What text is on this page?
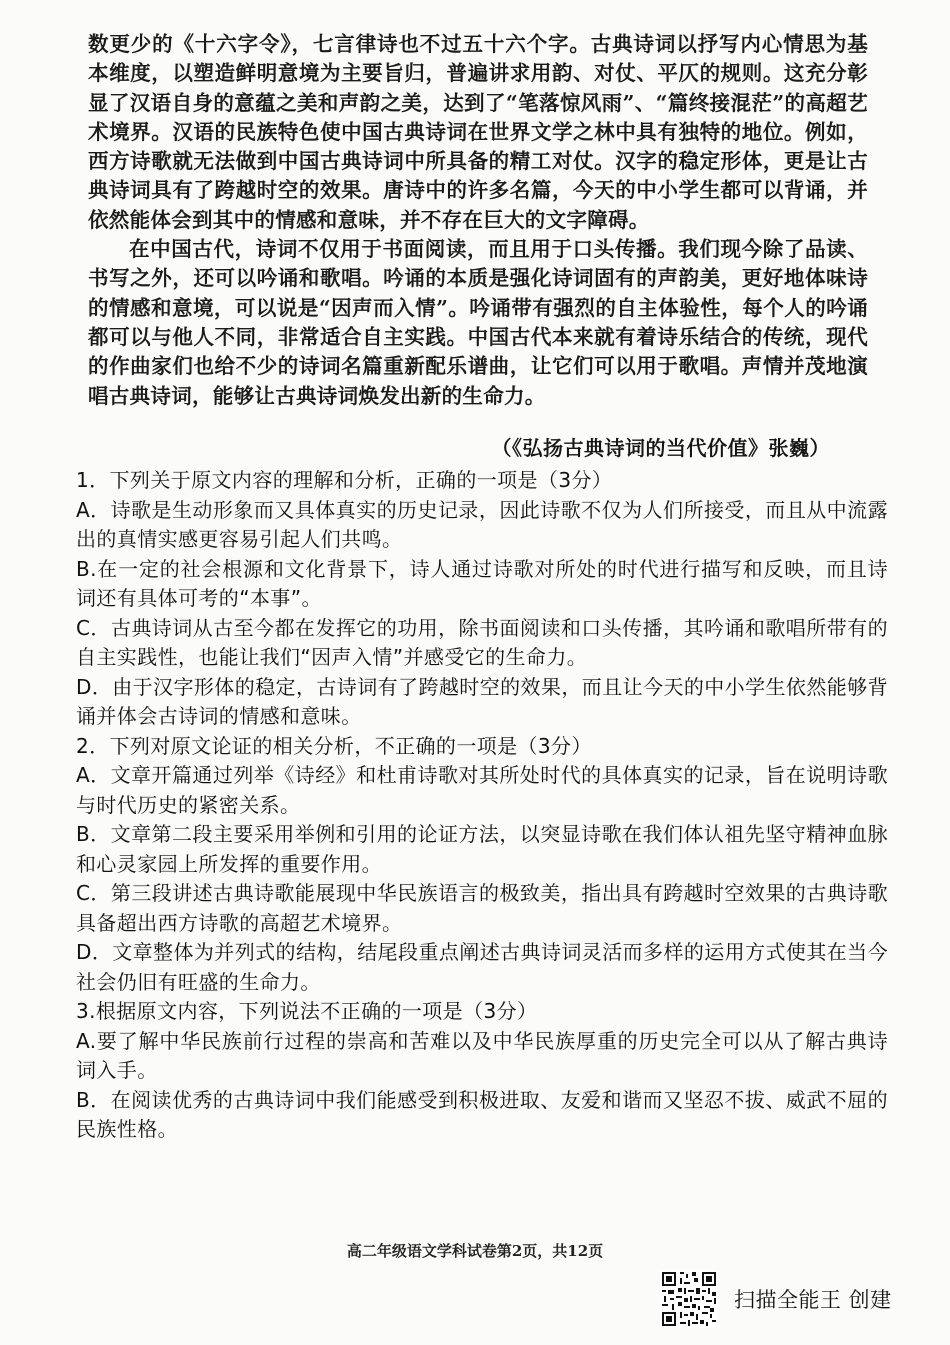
数更少的《十六字令》，七言律诗也不过五十六个字。古典诗词以抒写内心情思为基本维度，以塑造鲜明意境为主要旨归，普遍讲求用韵、对仗、平仄的规则。这充分彰显了汉语自身的意蕴之美和声韵之美，达到了“笔落惊风雨”、“篇终接混茫”的高超艺术境界。汉语的民族特色使中国古典诗词在世界文学之林中具有独特的地位。例如，西方诗歌就无法做到中国古典诗词中所具备的精工对仗。汉字的稳定形体，更是让古典诗词具有了跨越时空的效果。唐诗中的许多名篇，今天的中小学生都可以背诵，并依然能体会到其中的情感和意味，并不存在巨大的文字障碍。

在中国古代，诗词不仅用于书面阅读，而且用于口头传播。我们现今除了品读、书写之外，还可以吟诵和歌唱。吟诵的本质是强化诗词固有的声韵美，更好地体味诗的情感和意境，可以说是“因声而入情”。吟诵带有强烈的自主体验性，每个人的吟诵都可以与他人不同，非常适合自主实践。中国古代本来就有着诗乐结合的传统，现代的作曲家们也给不少的诗词名篇重新配乐谱曲，让它们可以用于歌唱。声情并茂地演唱古典诗词，能够让古典诗词焕发出新的生命力。

（《弘扬古典诗词的当代价值》张巍）

1．下列关于原文内容的理解和分析，正确的一项是（3分）

A．诗歌是生动形象而又具体真实的历史记录，因此诗歌不仅为人们所接受，而且从中流露出的真情实感更容易引起人们共鸣。

B.在一定的社会根源和文化背景下，诗人通过诗歌对所处的时代进行描写和反映，而且诗词还有具体可考的“本事”。

C．古典诗词从古至今都在发挥它的功用，除书面阅读和口头传播，其吟诵和歌唱所带有的自主实践性，也能让我们“因声入情”并感受它的生命力。

D．由于汉字形体的稳定，古诗词有了跨越时空的效果，而且让今天的中小学生依然能够背诵并体会古诗词的情感和意味。

2．下列对原文论证的相关分析，不正确的一项是（3分）

A．文章开篇通过列举《诗经》和杜甫诗歌对其所处时代的具体真实的记录，旨在说明诗歌与时代历史的紧密关系。

B．文章第二段主要采用举例和引用的论证方法，以突显诗歌在我们体认祖先坚守精神血脉和心灵家园上所发挥的重要作用。

C．第三段讲述古典诗歌能展现中华民族语言的极致美，指出具有跨越时空效果的古典诗歌具备超出西方诗歌的高超艺术境界。

D．文章整体为并列式的结构，结尾段重点阐述古典诗词灵活而多样的运用方式使其在当今社会仍旧有旺盛的生命力。

3.根据原文内容，下列说法不正确的一项是（3分）

A.要了解中华民族前行过程的崇高和苦难以及中华民族厚重的历史完全可以从了解古典诗词入手。

B．在阅读优秀的古典诗词中我们能感受到积极进取、友爱和谐而又坚忍不拔、威武不屈的民族性格。

高二年级语文学科试卷第2页，共12页
扫描全能王 创建
